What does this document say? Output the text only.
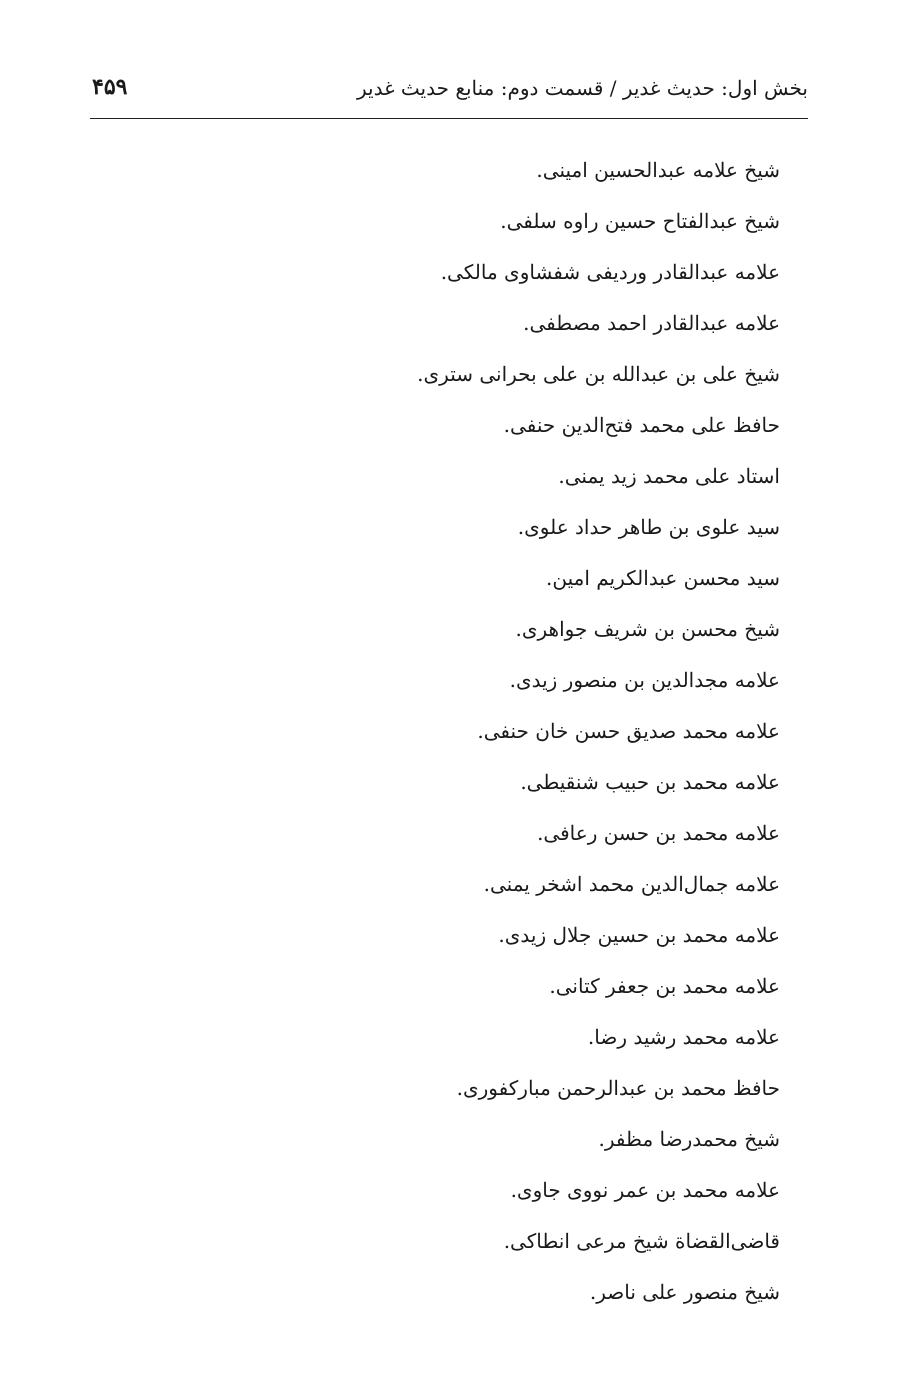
بخش اول: حدیث غدیر / قسمت دوم: منابع حدیث غدیر
۴۵۹
شیخ علامه عبدالحسین امینی.
شیخ عبدالفتاح حسین راوه سلفی.
علامه عبدالقادر وردیفی شفشاوی مالکی.
علامه عبدالقادر احمد مصطفی.
شیخ علی بن عبدالله بن علی بحرانی ستری.
حافظ علی محمد فتح‌الدین حنفی.
استاد علی محمد زید یمنی.
سید علوی بن طاهر حداد علوی.
سید محسن عبدالکریم امین.
شیخ محسن بن شریف جواهری.
علامه مجدالدین بن منصور زیدی.
علامه محمد صدیق حسن خان حنفی.
علامه محمد بن حبیب شنقیطی.
علامه محمد بن حسن رعافی.
علامه جمال‌الدین محمد اشخر یمنی.
علامه محمد بن حسین جلال زیدی.
علامه محمد بن جعفر کتانی.
علامه محمد رشید رضا.
حافظ محمد بن عبدالرحمن مبارکفوری.
شیخ محمدرضا مظفر.
علامه محمد بن عمر نووی جاوی.
قاضی‌القضاة شیخ مرعی انطاکی.
شیخ منصور علی ناصر.
